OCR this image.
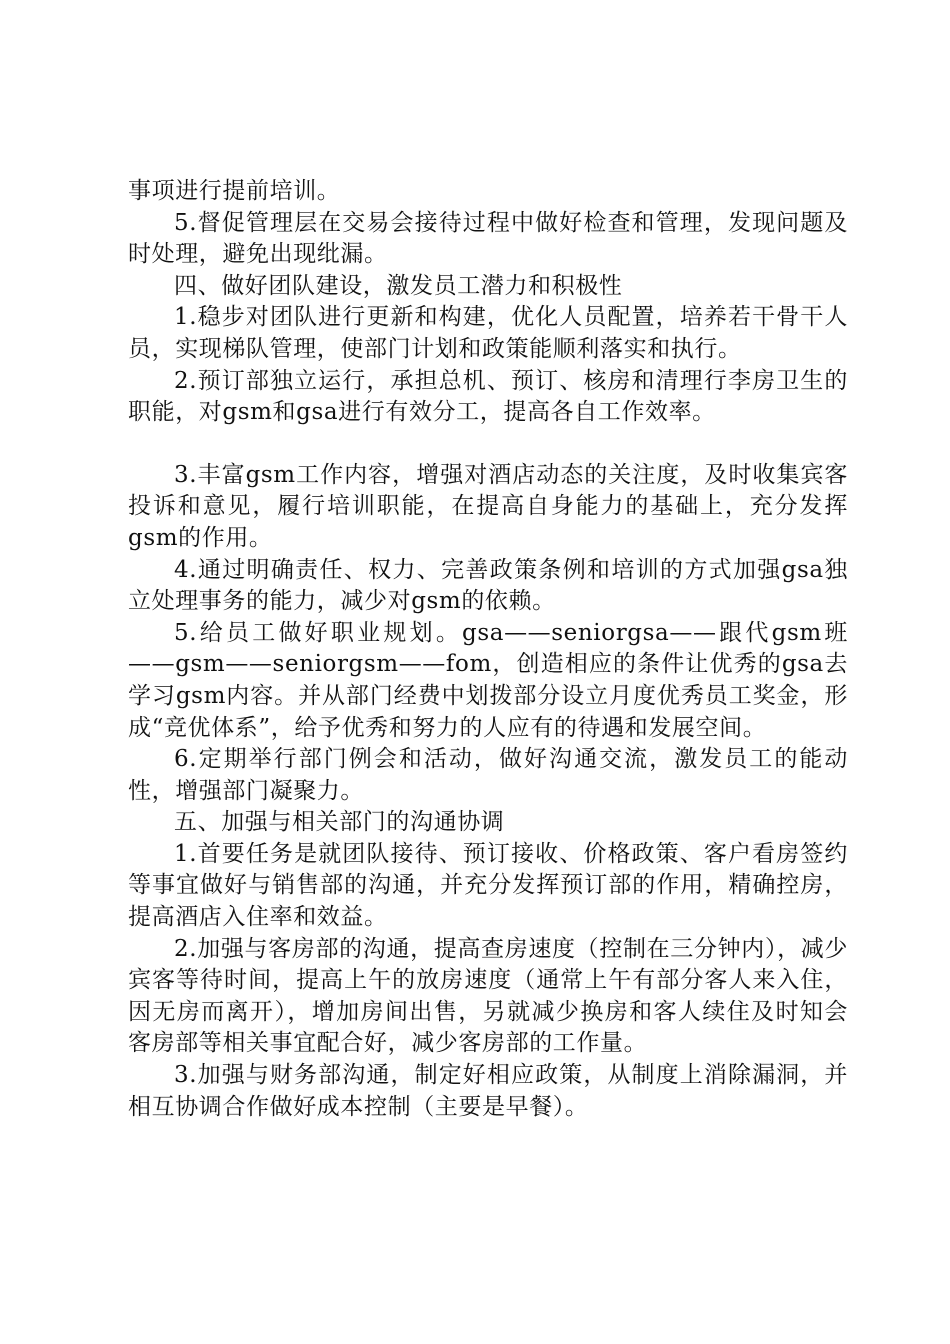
事项进行提前培训。

5.督促管理层在交易会接待过程中做好检查和管理，发现问题及时处理，避免出现纰漏。

四、做好团队建设，激发员工潜力和积极性

1.稳步对团队进行更新和构建，优化人员配置，培养若干骨干人员，实现梯队管理，使部门计划和政策能顺利落实和执行。

2.预订部独立运行，承担总机、预订、核房和清理行李房卫生的职能，对gsm和gsa进行有效分工，提高各自工作效率。

3.丰富gsm工作内容，增强对酒店动态的关注度，及时收集宾客投诉和意见，履行培训职能，在提高自身能力的基础上，充分发挥gsm的作用。

4.通过明确责任、权力、完善政策条例和培训的方式加强gsa独立处理事务的能力，减少对gsm的依赖。

5.给员工做好职业规划。gsa——seniorgsa——跟代gsm班——gsm——seniorgsm——fom，创造相应的条件让优秀的gsa去学习gsm内容。并从部门经费中划拨部分设立月度优秀员工奖金，形成“竞优体系”，给予优秀和努力的人应有的待遇和发展空间。

6.定期举行部门例会和活动，做好沟通交流，激发员工的能动性，增强部门凝聚力。

五、加强与相关部门的沟通协调

1.首要任务是就团队接待、预订接收、价格政策、客户看房签约等事宜做好与销售部的沟通，并充分发挥预订部的作用，精确控房，提高酒店入住率和效益。

2.加强与客房部的沟通，提高查房速度（控制在三分钟内），减少宾客等待时间，提高上午的放房速度（通常上午有部分客人来入住，因无房而离开），增加房间出售，另就减少换房和客人续住及时知会客房部等相关事宜配合好，减少客房部的工作量。

3.加强与财务部沟通，制定好相应政策，从制度上消除漏洞，并相互协调合作做好成本控制（主要是早餐）。
